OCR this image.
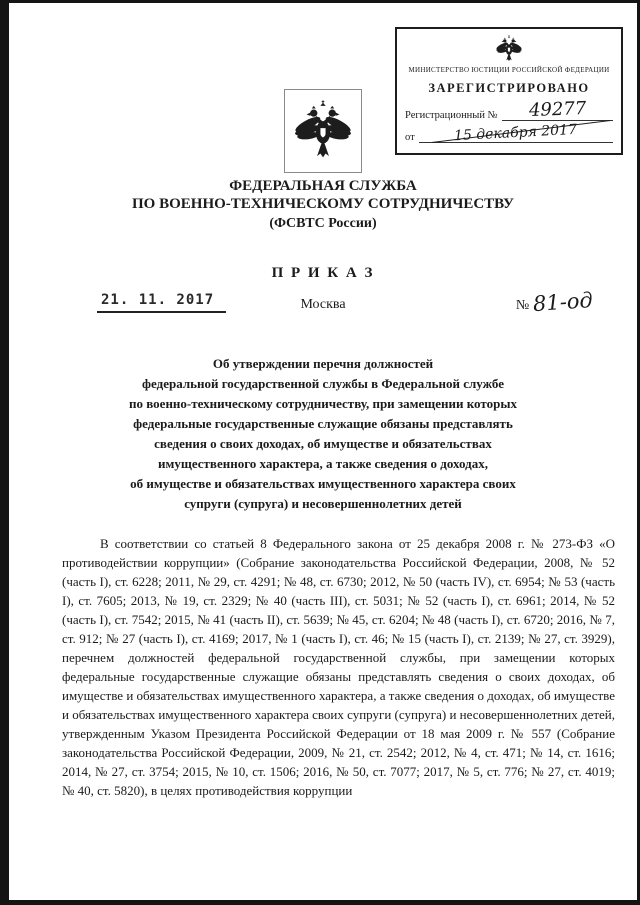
МИНИСТЕРСТВО ЮСТИЦИИ РОССИЙСКОЙ ФЕДЕРАЦИИ
ЗАРЕГИСТРИРОВАНО
Регистрационный №	49277
от	15 декабря 2017
ФЕДЕРАЛЬНАЯ СЛУЖБА
ПО ВОЕННО-ТЕХНИЧЕСКОМУ СОТРУДНИЧЕСТВУ
(ФСВТС России)
П Р И К А З
21. 11. 2017	Москва	№ 81-од
Об утверждении перечня должностей
федеральной государственной службы в Федеральной службе
по военно-техническому сотрудничеству, при замещении которых
федеральные государственные служащие обязаны представлять
сведения о своих доходах, об имуществе и обязательствах
имущественного характера, а также сведения о доходах,
об имуществе и обязательствах имущественного характера своих
супруги (супруга) и несовершеннолетних детей

В соответствии со статьей 8 Федерального закона от 25 декабря 2008 г. № 273-ФЗ «О противодействии коррупции» (Собрание законодательства Российской Федерации, 2008, № 52 (часть I), ст. 6228; 2011, № 29, ст. 4291; № 48, ст. 6730; 2012, № 50 (часть IV), ст. 6954; № 53 (часть I), ст. 7605; 2013, № 19, ст. 2329; № 40 (часть III), ст. 5031; № 52 (часть I), ст. 6961; 2014, № 52 (часть I), ст. 7542; 2015, № 41 (часть II), ст. 5639; № 45, ст. 6204; № 48 (часть I), ст. 6720; 2016, № 7, ст. 912; № 27 (часть I), ст. 4169; 2017, № 1 (часть I), ст. 46; № 15 (часть I), ст. 2139; № 27, ст. 3929), перечнем должностей федеральной государственной службы, при замещении которых федеральные государственные служащие обязаны представлять сведения о своих доходах, об имуществе и обязательствах имущественного характера, а также сведения о доходах, об имуществе и обязательствах имущественного характера своих супруги (супруга) и несовершеннолетних детей, утвержденным Указом Президента Российской Федерации от 18 мая 2009 г. № 557 (Собрание законодательства Российской Федерации, 2009, № 21, ст. 2542; 2012, № 4, ст. 471; № 14, ст. 1616; 2014, № 27, ст. 3754; 2015, № 10, ст. 1506; 2016, № 50, ст. 7077; 2017, № 5, ст. 776; № 27, ст. 4019; № 40, ст. 5820), в целях противодействия коррупции
